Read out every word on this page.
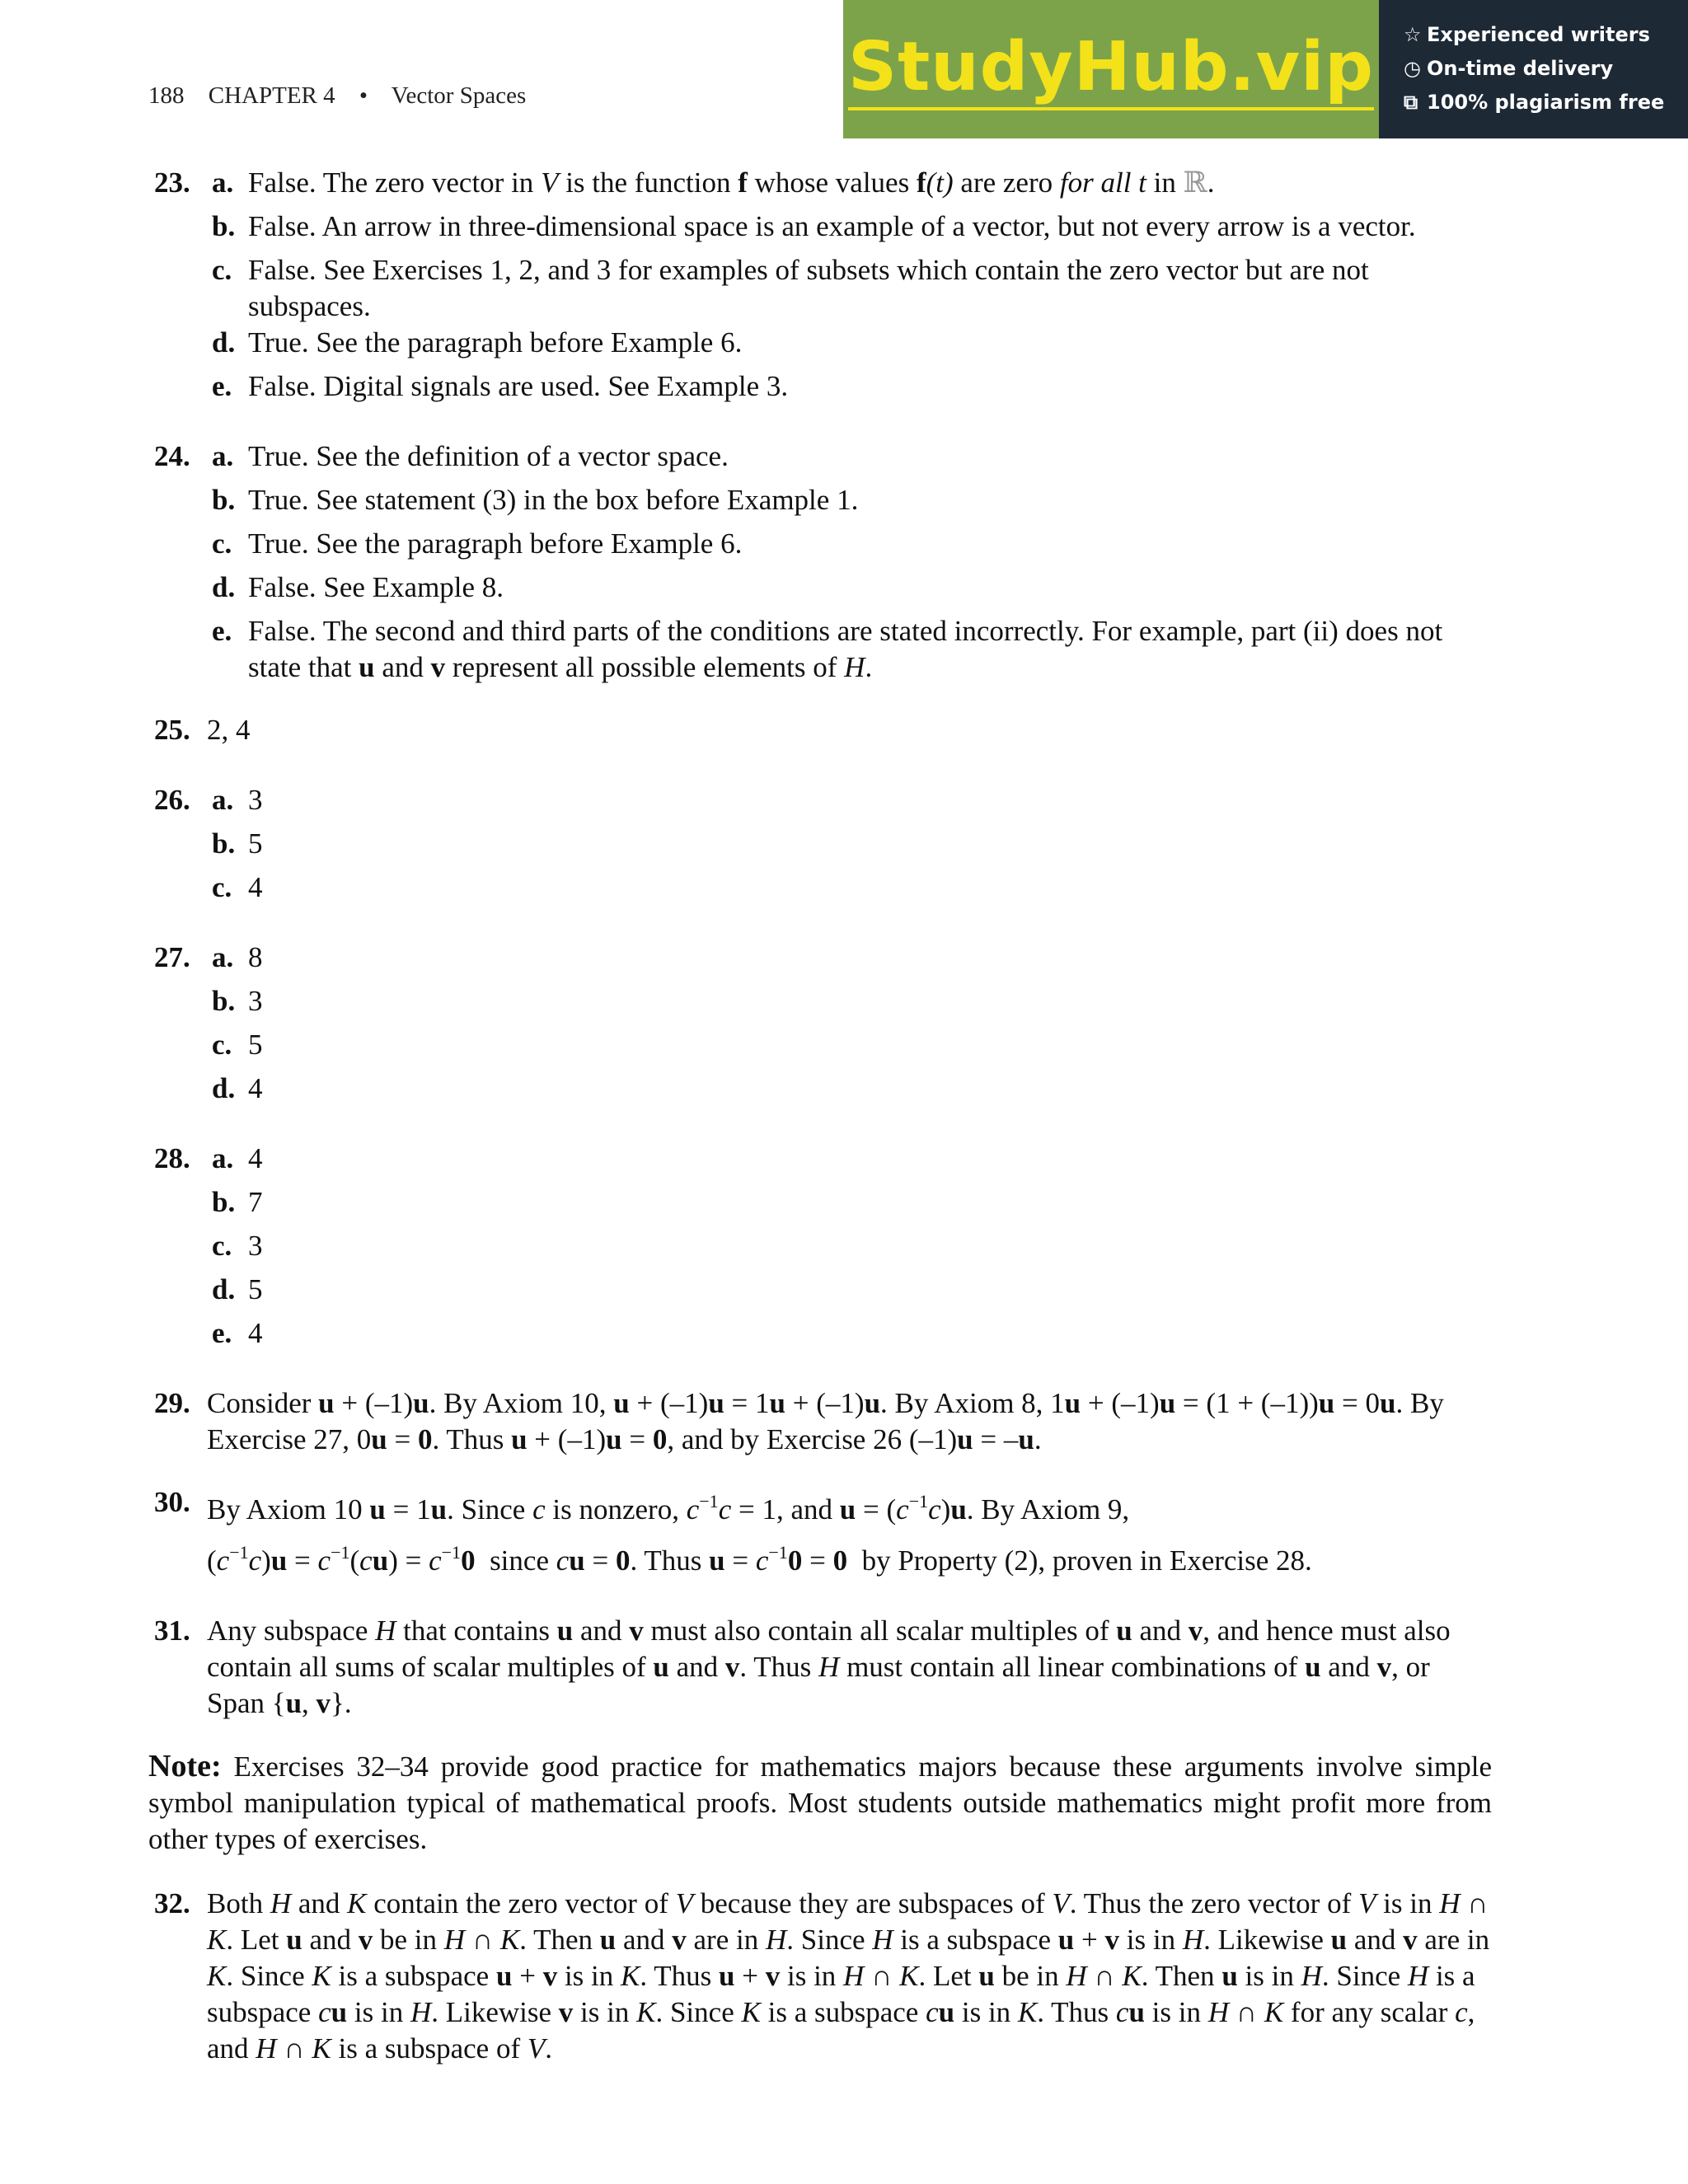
188 CHAPTER 4 • Vector Spaces	StudyHub.vip ☆ Experienced writers
◷ On-time delivery
⧉ 100% plagiarism free
23. a. False. The zero vector in V is the function f whose values f(t) are zero for all t in ℝ.
b. False. An arrow in three-dimensional space is an example of a vector, but not every arrow is a vector.
c. False. See Exercises 1, 2, and 3 for examples of subsets which contain the zero vector but are not subspaces.
d. True. See the paragraph before Example 6.
e. False. Digital signals are used. See Example 3.
24. a. True. See the definition of a vector space.
b. True. See statement (3) in the box before Example 1.
c. True. See the paragraph before Example 6.
d. False. See Example 8.
e. False. The second and third parts of the conditions are stated incorrectly. For example, part (ii) does not state that u and v represent all possible elements of H.
25. 2, 4
26. a. 3
b. 5
c. 4
27. a. 8
b. 3
c. 5
d. 4
28. a. 4
b. 7
c. 3
d. 5
e. 4
29. Consider u + (–1)u. By Axiom 10, u + (–1)u = 1u + (–1)u. By Axiom 8, 1u + (–1)u = (1 + (–1))u = 0u. By Exercise 27, 0u = 0. Thus u + (–1)u = 0, and by Exercise 26 (–1)u = –u.
30. By Axiom 10 u = 1u. Since c is nonzero, $c^{-1}c = 1$, and $u = (c^{-1}c)u$. By Axiom 9,
$(c^{-1}c)u = c^{-1}(cu) = c^{-1}0$ since cu = 0. Thus $u = c^{-1}0 = 0$ by Property (2), proven in Exercise 28.
31. Any subspace H that contains u and v must also contain all scalar multiples of u and v, and hence must also contain all sums of scalar multiples of u and v. Thus H must contain all linear combinations of u and v, or Span {u, v}.
Note: Exercises 32–34 provide good practice for mathematics majors because these arguments involve simple symbol manipulation typical of mathematical proofs. Most students outside mathematics might profit more from other types of exercises.
32. Both H and K contain the zero vector of V because they are subspaces of V. Thus the zero vector of V is in H ∩ K. Let u and v be in H ∩ K. Then u and v are in H. Since H is a subspace u + v is in H. Likewise u and v are in K. Since K is a subspace u + v is in K. Thus u + v is in H ∩ K. Let u be in H ∩ K. Then u is in H. Since H is a subspace cu is in H. Likewise v is in K. Since K is a subspace cu is in K. Thus cu is in H ∩ K for any scalar c, and H ∩ K is a subspace of V.
